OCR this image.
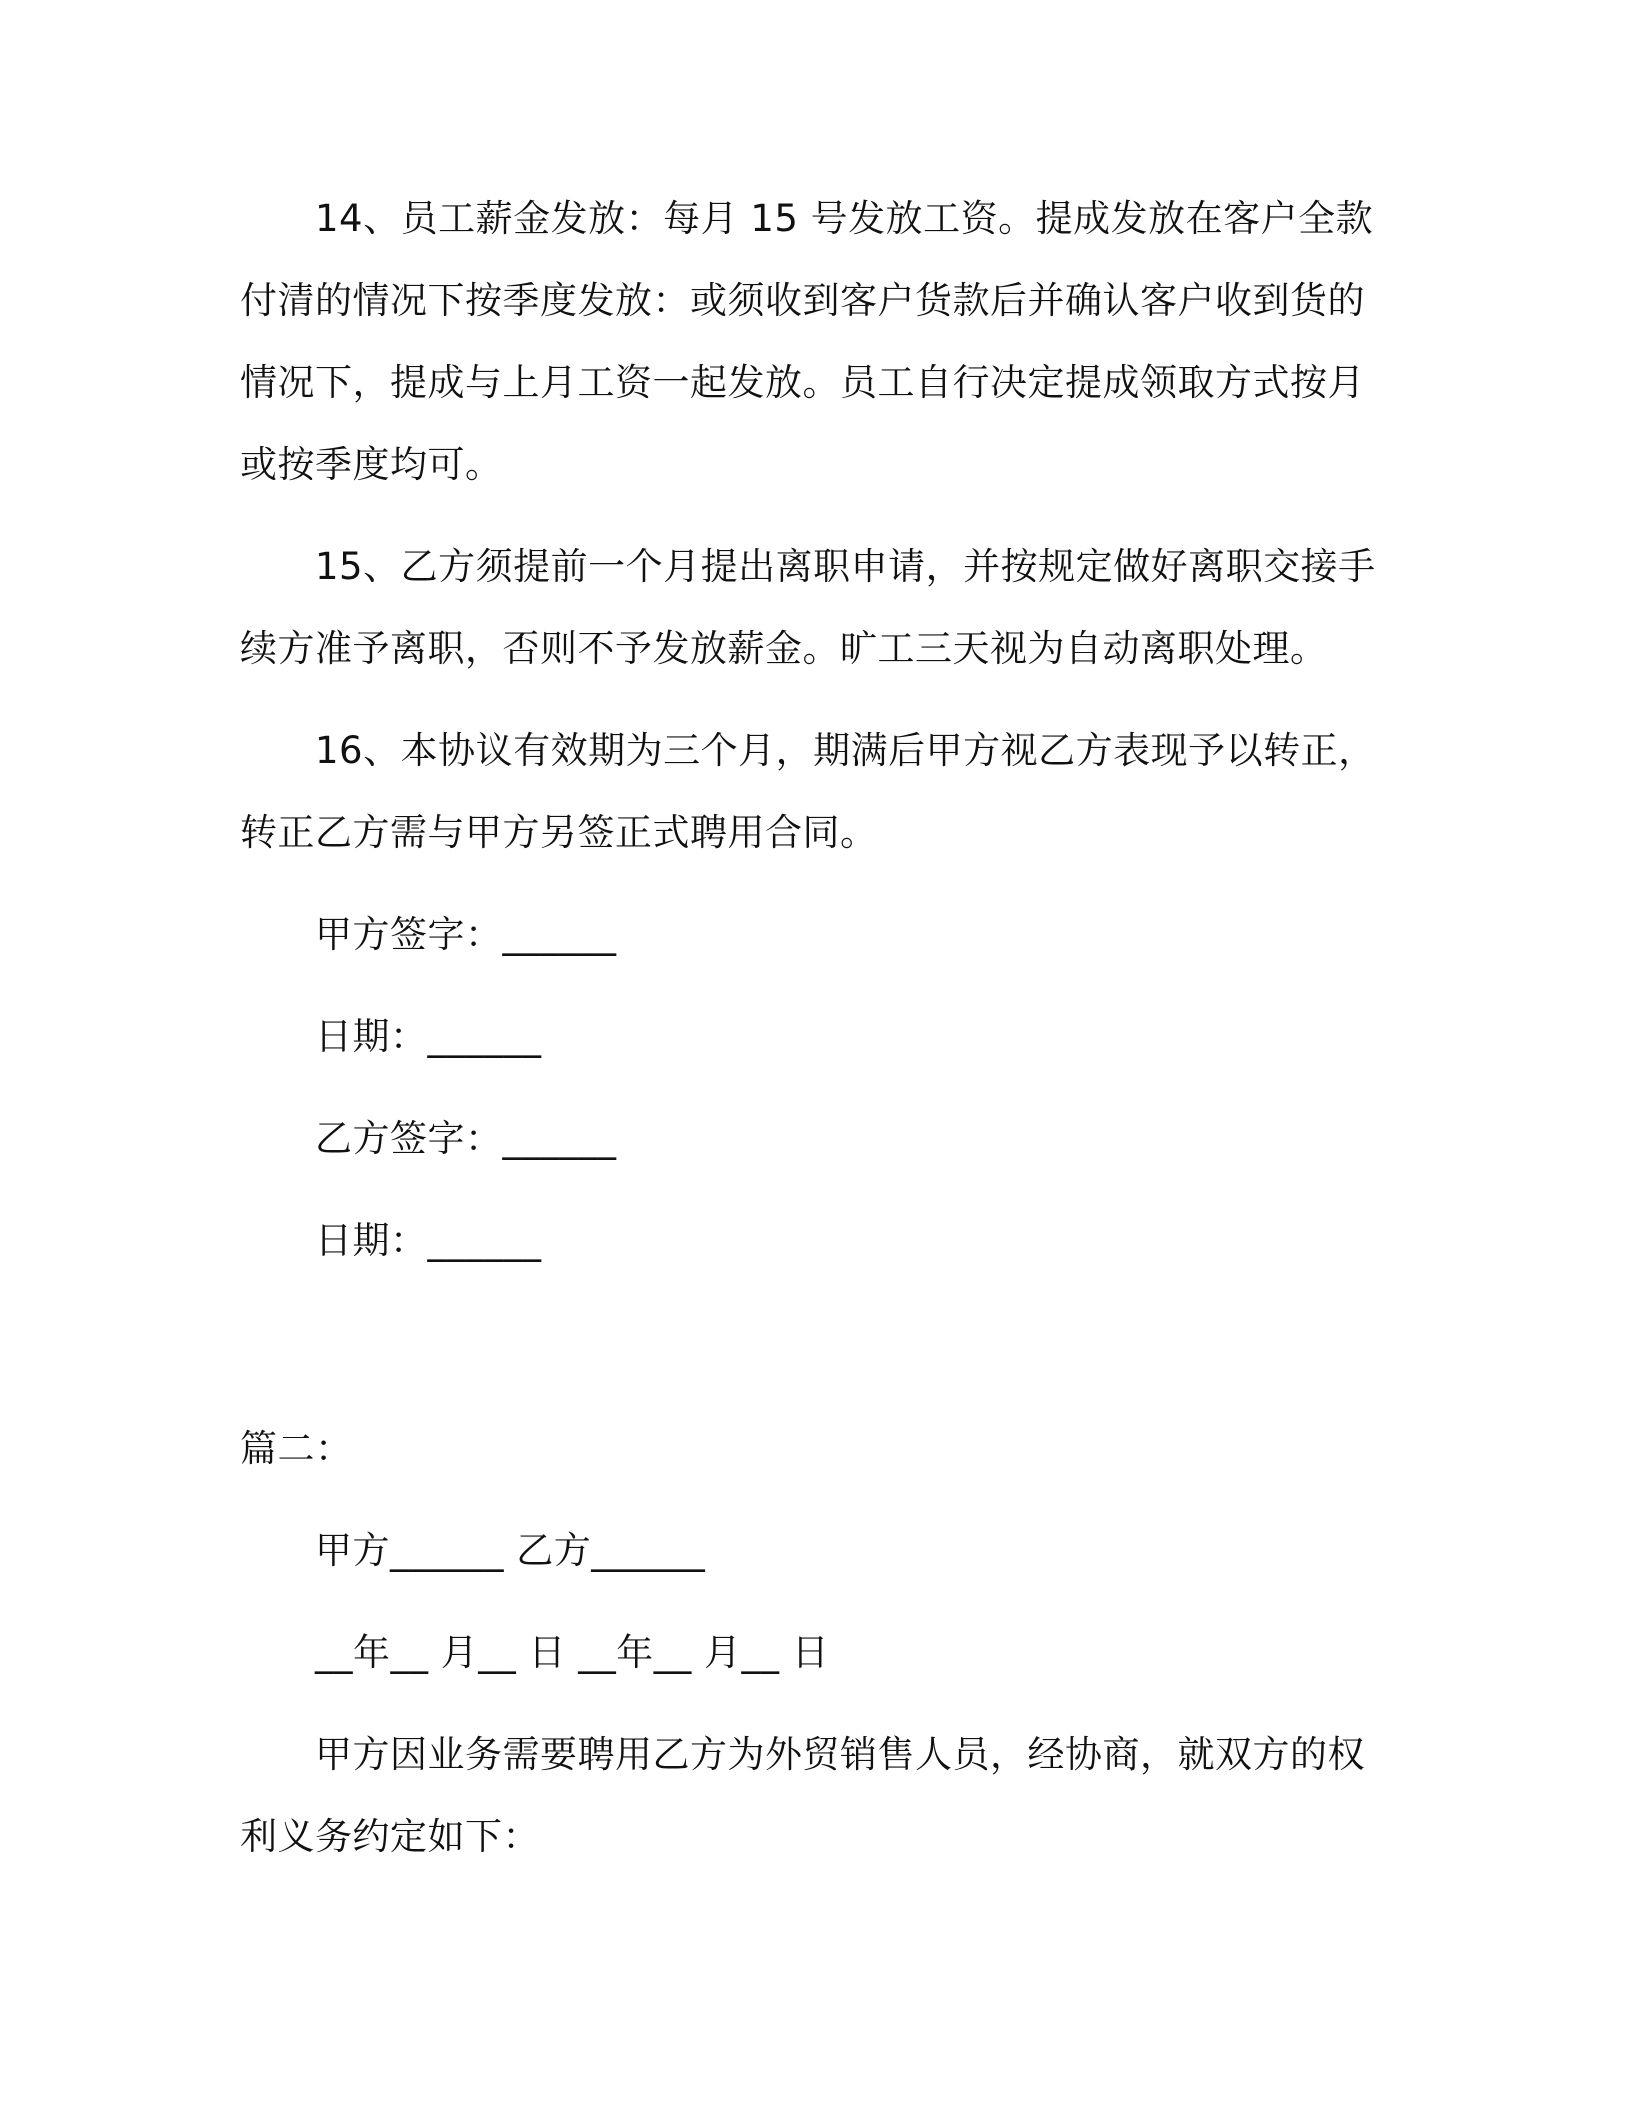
14、员工薪金发放：每月 15 号发放工资。提成发放在客户全款付清的情况下按季度发放：或须收到客户货款后并确认客户收到货的情况下，提成与上月工资一起发放。员工自行决定提成领取方式按月或按季度均可。

15、乙方须提前一个月提出离职申请，并按规定做好离职交接手续方准予离职，否则不予发放薪金。旷工三天视为自动离职处理。

16、本协议有效期为三个月，期满后甲方视乙方表现予以转正，转正乙方需与甲方另签正式聘用合同。

甲方签字：______

日期：______

乙方签字：______

日期：______

篇二：

甲方______ 乙方______

__年__ 月__ 日 __年__ 月__ 日

甲方因业务需要聘用乙方为外贸销售人员，经协商，就双方的权利义务约定如下：
